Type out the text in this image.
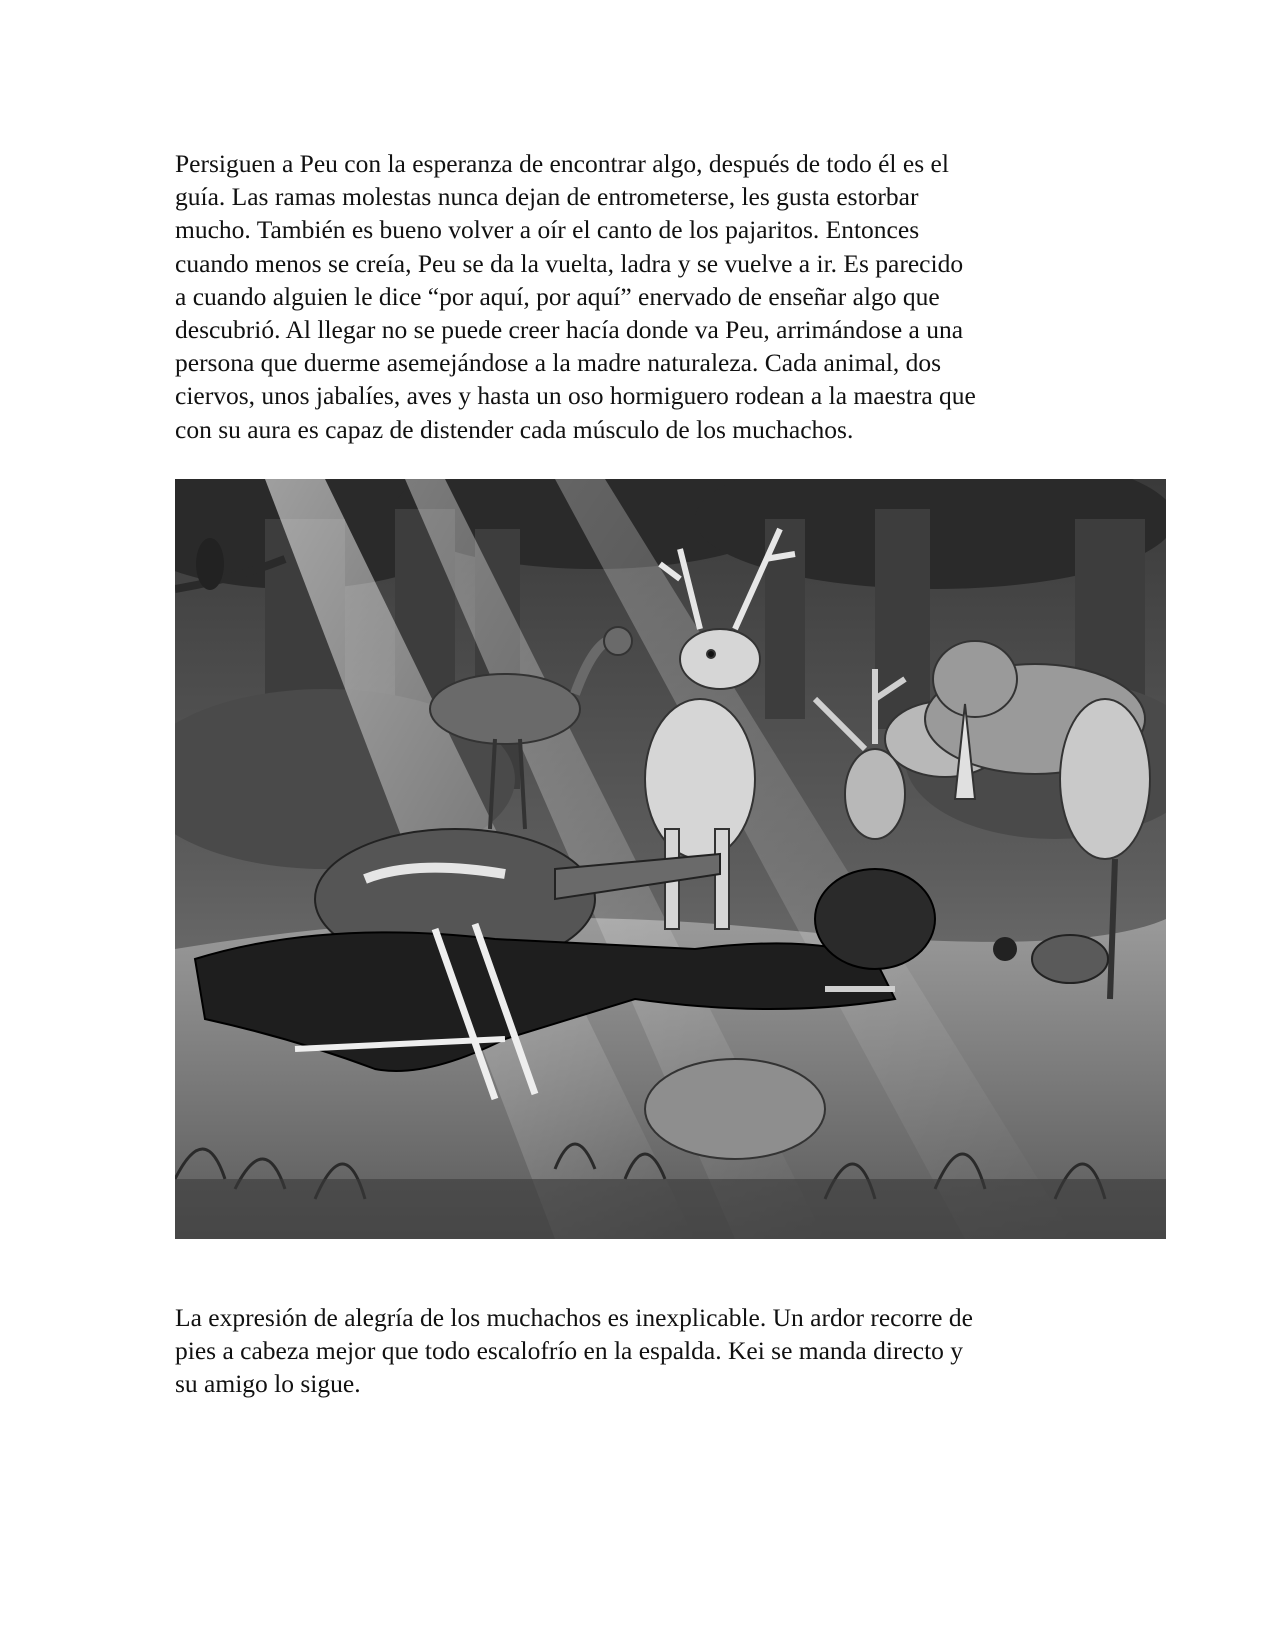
Persiguen a Peu con la esperanza de encontrar algo, después de todo él es el
guía. Las ramas molestas nunca dejan de entrometerse, les gusta estorbar
mucho. También es bueno volver a oír el canto de los pajaritos. Entonces
cuando menos se creía, Peu se da la vuelta, ladra y se vuelve a ir. Es parecido
a cuando alguien le dice “por aquí, por aquí” enervado de enseñar algo que
descubrió. Al llegar no se puede creer hacía donde va Peu, arrimándose a una
persona que duerme asemejándose a la madre naturaleza. Cada animal, dos
ciervos, unos jabalíes, aves y hasta un oso hormiguero rodean a la maestra que
con su aura es capaz de distender cada músculo de los muchachos.

La expresión de alegría de los muchachos es inexplicable. Un ardor recorre de
pies a cabeza mejor que todo escalofrío en la espalda. Kei se manda directo y
su amigo lo sigue.
